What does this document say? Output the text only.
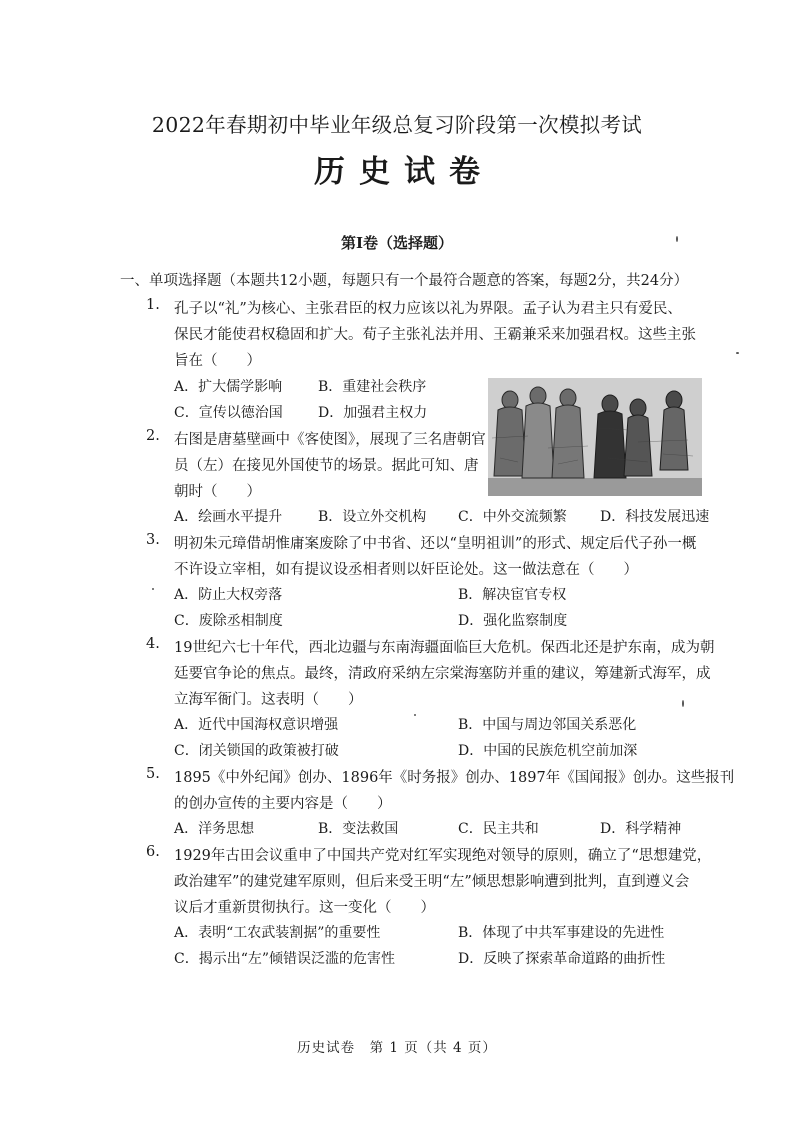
2022年春期初中毕业年级总复习阶段第一次模拟考试
历史试卷
第Ⅰ卷（选择题）
一、单项选择题（本题共12小题，每题只有一个最符合题意的答案，每题2分，共24分）
1. 孔子以“礼”为核心、主张君臣的权力应该以礼为界限。孟子认为君主只有爱民、
保民才能使君权稳固和扩大。荀子主张礼法并用、王霸兼采来加强君权。这些主张
旨在（　　）
A．扩大儒学影响	B．重建社会秩序
C．宣传以德治国	D．加强君主权力
2. 右图是唐墓壁画中《客使图》，展现了三名唐朝官
员（左）在接见外国使节的场景。据此可知、唐
朝时（　　）
A．绘画水平提升	B．设立外交机构 C．中外交流频繁 D．科技发展迅速
3. 明初朱元璋借胡惟庸案废除了中书省、还以“皇明祖训”的形式、规定后代子孙一概
不许设立宰相，如有提议设丞相者则以奸臣论处。这一做法意在（　　）
A．防止大权旁落	B．解决宦官专权
C．废除丞相制度	D．强化监察制度
4. 19世纪六七十年代，西北边疆与东南海疆面临巨大危机。保西北还是护东南，成为朝
廷要官争论的焦点。最终，清政府采纳左宗棠海塞防并重的建议，筹建新式海军，成
立海军衙门。这表明（　　）
A．近代中国海权意识增强	B．中国与周边邻国关系恶化
C．闭关锁国的政策被打破	D．中国的民族危机空前加深
5. 1895《中外纪闻》创办、1896年《时务报》创办、1897年《国闻报》创办。这些报刊
的创办宣传的主要内容是（　　）
A．洋务思想	B．变法救国	C．民主共和	D．科学精神
6. 1929年古田会议重申了中国共产党对红军实现绝对领导的原则，确立了“思想建党，
政治建军”的建党建军原则，但后来受王明“左”倾思想影响遭到批判，直到遵义会
议后才重新贯彻执行。这一变化（　　）
A．表明“工农武装割据”的重要性	B．体现了中共军事建设的先进性
C．揭示出“左”倾错误泛滥的危害性	D．反映了探索革命道路的曲折性
历史试卷　第 1 页（共 4 页）
